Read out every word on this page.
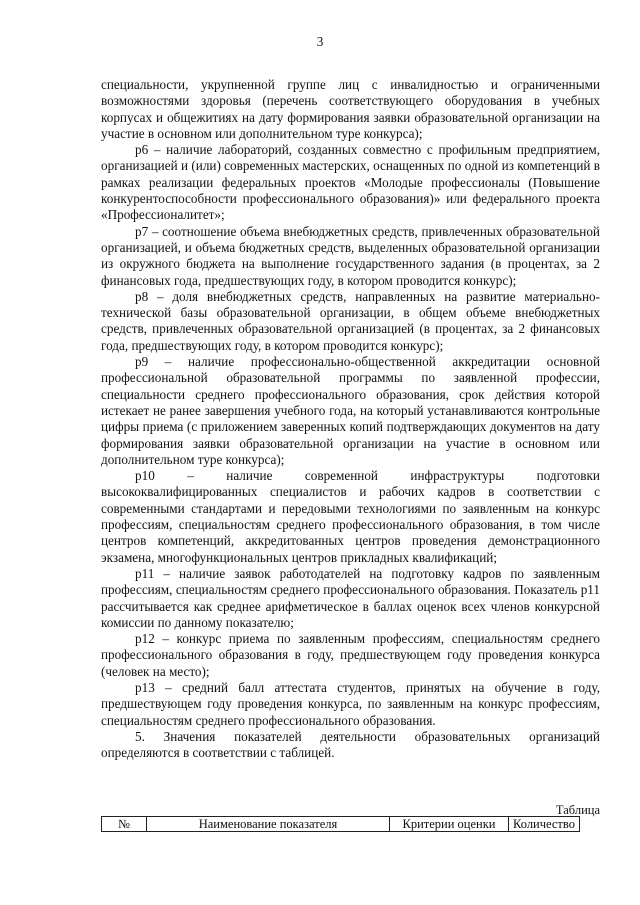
3

специальности, укрупненной группе лиц с инвалидностью и ограниченными возможностями здоровья (перечень соответствующего оборудования в учебных корпусах и общежитиях на дату формирования заявки образовательной организации на участие в основном или дополнительном туре конкурса);

p6 – наличие лабораторий, созданных совместно с профильным предприятием, организацией и (или) современных мастерских, оснащенных по одной из компетенций в рамках реализации федеральных проектов «Молодые профессионалы (Повышение конкурентоспособности профессионального образования)» или федерального проекта «Профессионалитет»;

p7 – соотношение объема внебюджетных средств, привлеченных образовательной организацией, и объема бюджетных средств, выделенных образовательной организации из окружного бюджета на выполнение государственного задания (в процентах, за 2 финансовых года, предшествующих году, в котором проводится конкурс);

p8 – доля внебюджетных средств, направленных на развитие материально- технической базы образовательной организации, в общем объеме внебюджетных средств, привлеченных образовательной организацией (в процентах, за 2 финансовых года, предшествующих году, в котором проводится конкурс);

p9 – наличие профессионально-общественной аккредитации основной профессиональной образовательной программы по заявленной профессии, специальности среднего профессионального образования, срок действия которой истекает не ранее завершения учебного года, на который устанавливаются контрольные цифры приема (с приложением заверенных копий подтверждающих документов на дату формирования заявки образовательной организации на участие в основном или дополнительном туре конкурса);

p10 – наличие современной инфраструктуры подготовки высококвалифицированных специалистов и рабочих кадров в соответствии с современными стандартами и передовыми технологиями по заявленным на конкурс профессиям, специальностям среднего профессионального образования, в том числе центров компетенций, аккредитованных центров проведения демонстрационного экзамена, многофункциональных центров прикладных квалификаций;

p11 – наличие заявок работодателей на подготовку кадров по заявленным профессиям, специальностям среднего профессионального образования. Показатель p11 рассчитывается как среднее арифметическое в баллах оценок всех членов конкурсной комиссии по данному показателю;

p12 – конкурс приема по заявленным профессиям, специальностям среднего профессионального образования в году, предшествующем году проведения конкурса (человек на место);

p13 – средний балл аттестата студентов, принятых на обучение в году, предшествующем году проведения конкурса, по заявленным на конкурс профессиям, специальностям среднего профессионального образования.

5. Значения показателей деятельности образовательных организаций определяются в соответствии с таблицей.

Таблица
№	Наименование показателя	Критерии оценки	Количество
